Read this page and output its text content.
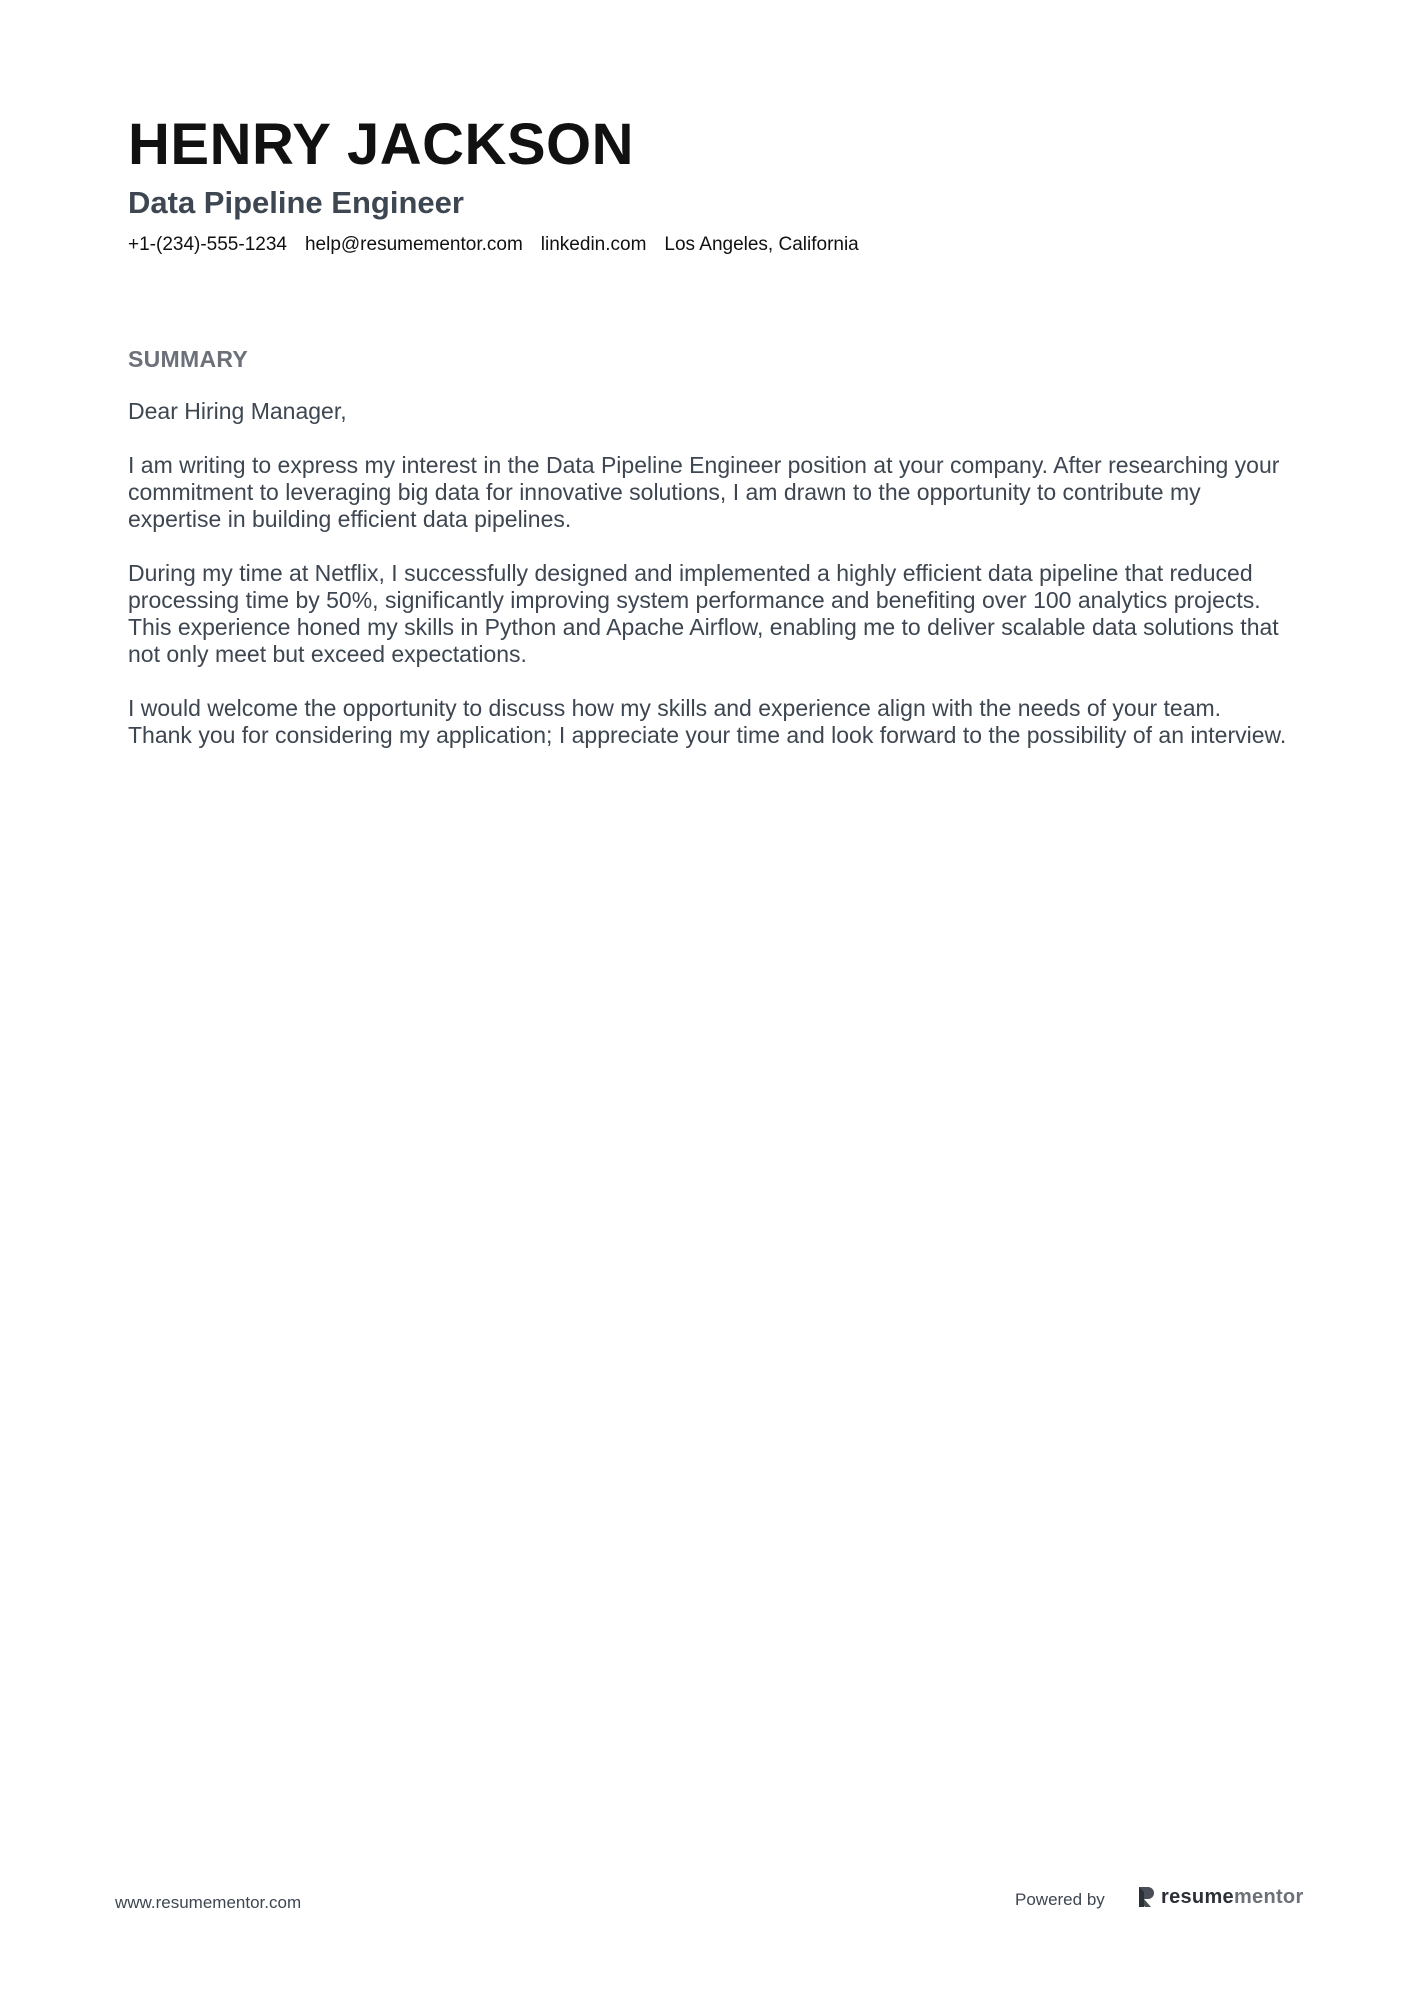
HENRY JACKSON
Data Pipeline Engineer
+1-(234)-555-1234 help@resumementor.com linkedin.com Los Angeles, California
SUMMARY

Dear Hiring Manager,

I am writing to express my interest in the Data Pipeline Engineer position at your company. After researching your commitment to leveraging big data for innovative solutions, I am drawn to the opportunity to contribute my expertise in building efficient data pipelines.

During my time at Netflix, I successfully designed and implemented a highly efficient data pipeline that reduced processing time by 50%, significantly improving system performance and benefiting over 100 analytics projects. This experience honed my skills in Python and Apache Airflow, enabling me to deliver scalable data solutions that not only meet but exceed expectations.

I would welcome the opportunity to discuss how my skills and experience align with the needs of your team. Thank you for considering my application; I appreciate your time and look forward to the possibility of an interview.

www.resumementor.com	Powered by	resumementor
